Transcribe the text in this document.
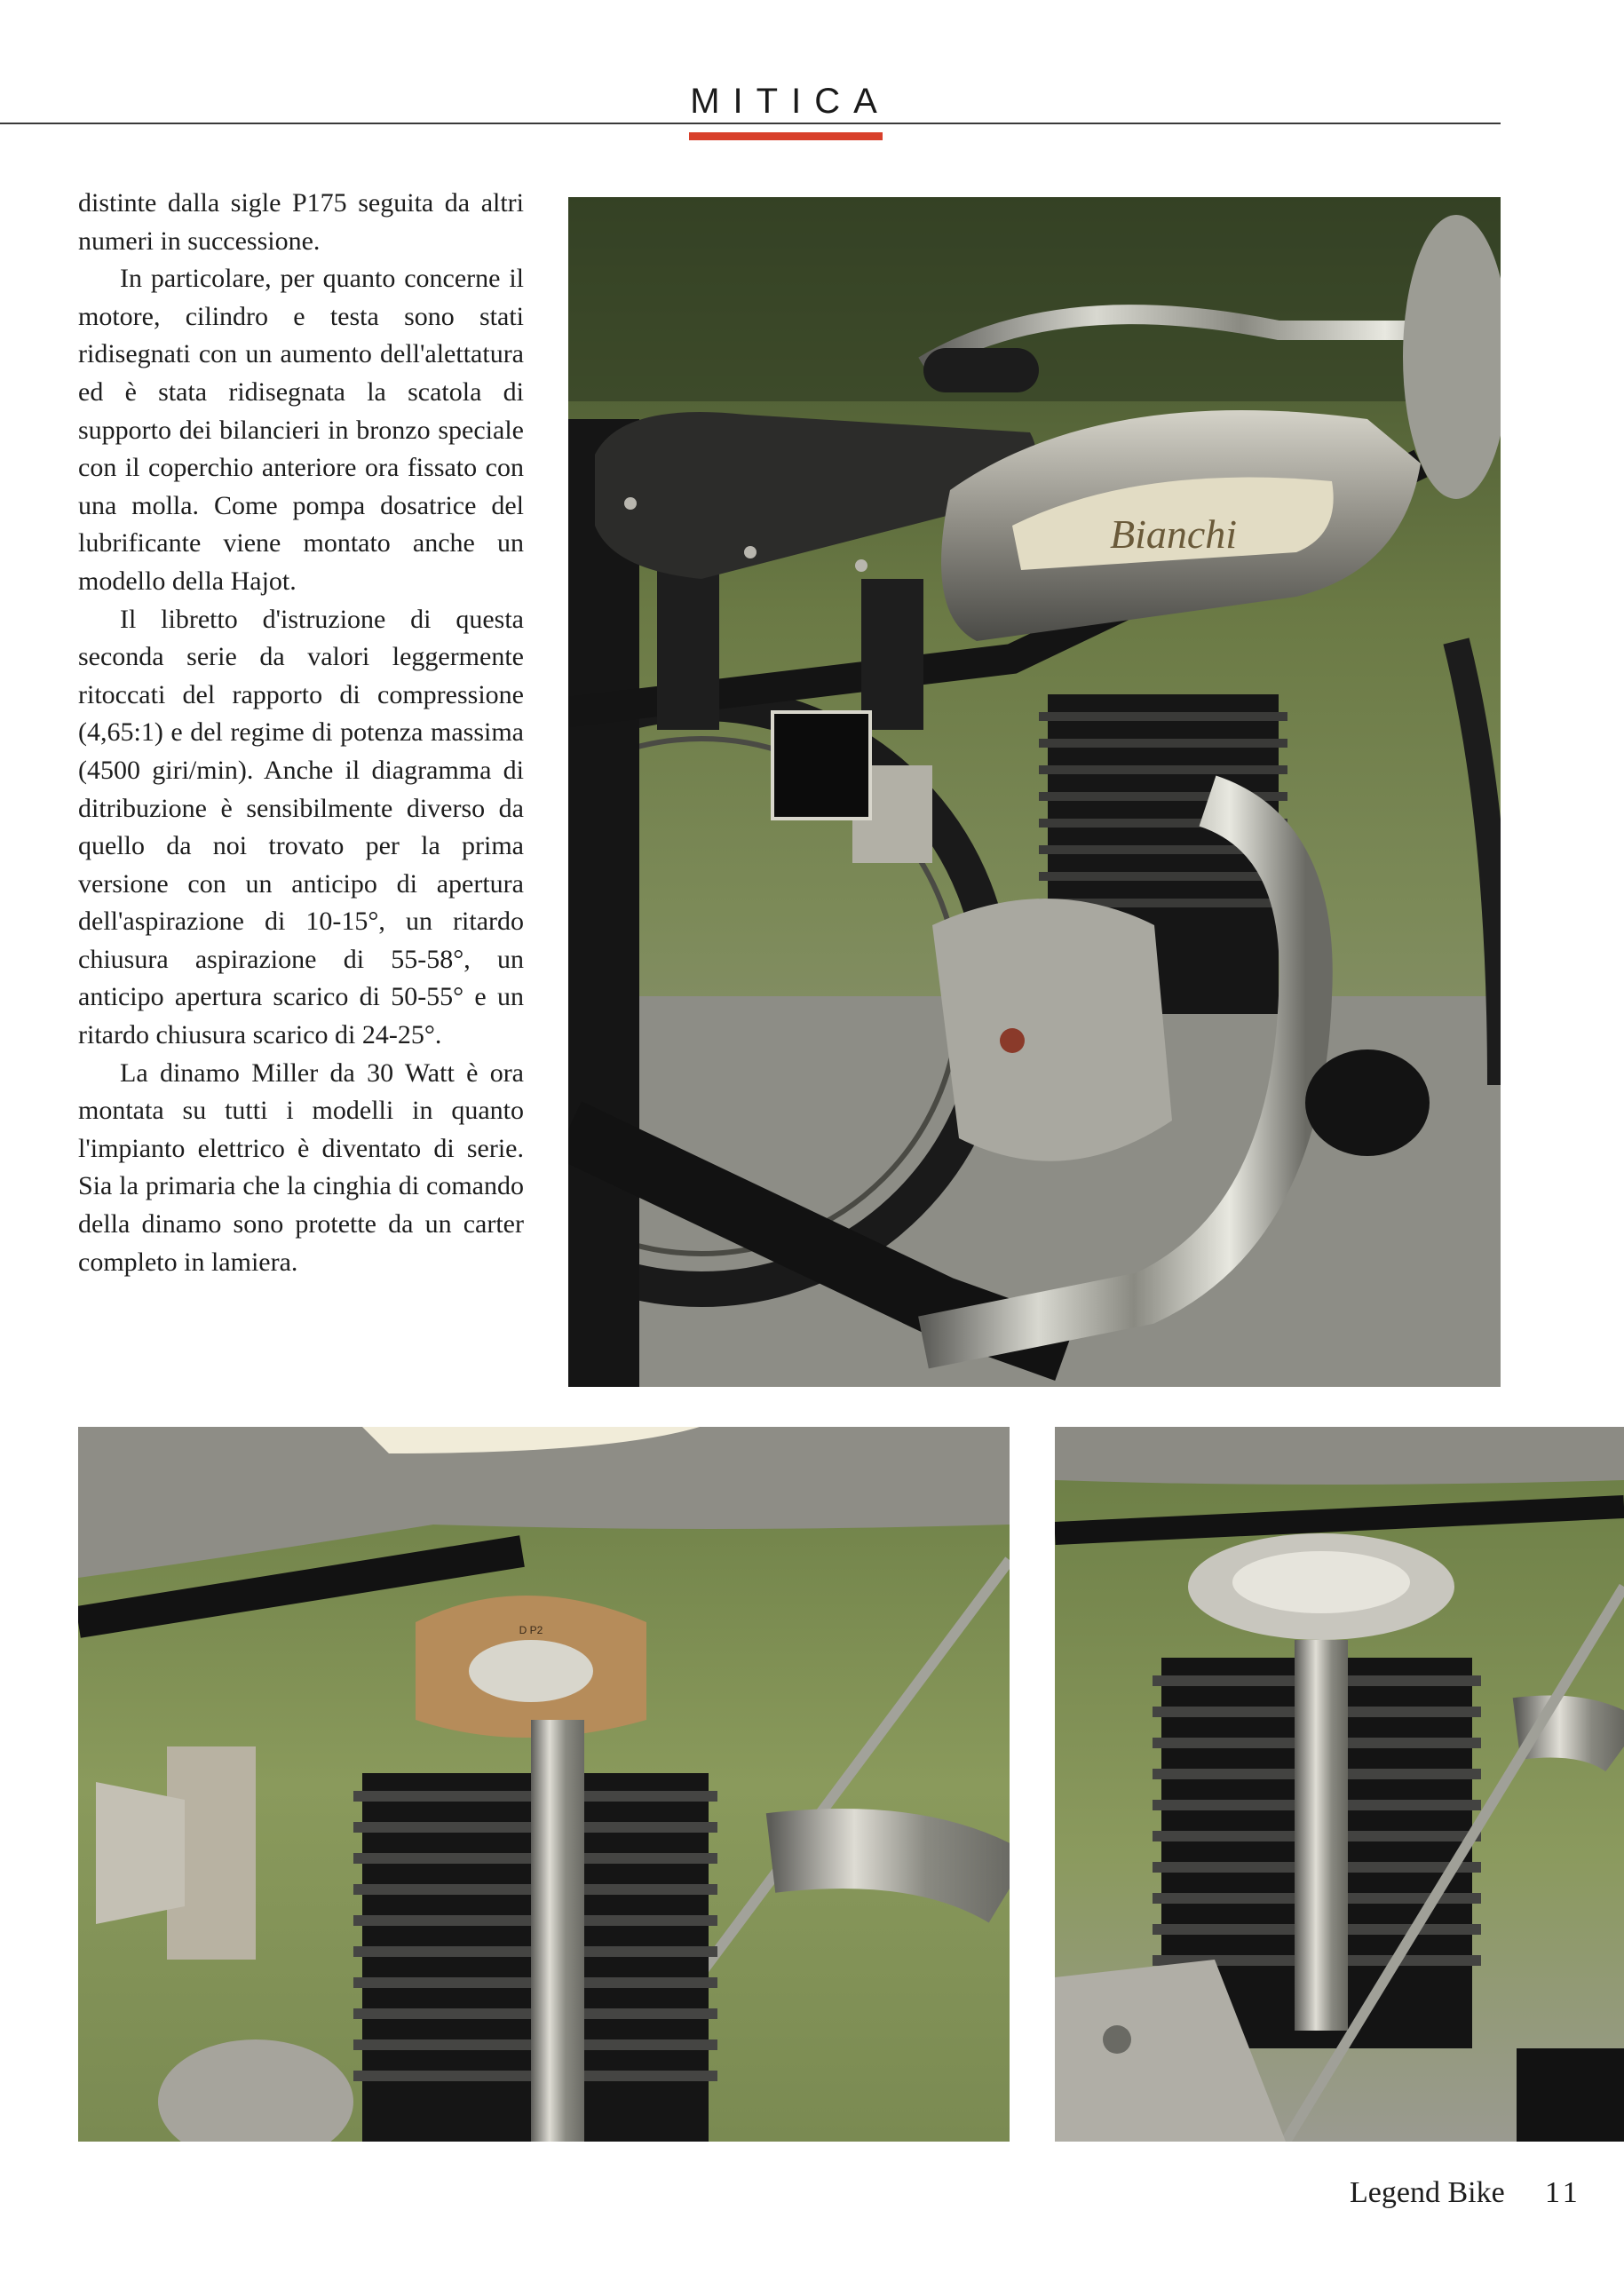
MITICA

distinte dalla sigle P175 seguita da altri numeri in successione.

In particolare, per quanto concerne il motore, cilindro e testa sono stati ridisegnati con un aumento dell'alettatura ed è stata ridisegnata la scatola di supporto dei bilancieri in bronzo speciale con il coperchio anteriore ora fissato con una molla. Come pompa dosatrice del lubrificante viene montato anche un modello della Hajot.

Il libretto d'istruzione di questa seconda serie da valori leggermente ritoccati del rapporto di compressione (4,65:1) e del regime di potenza massima (4500 giri/min). Anche il diagramma di ditribuzione è sensibilmente diverso da quello da noi trovato per la prima versione con un anticipo di apertura dell'aspirazione di 10-15°, un ritardo chiusura aspirazione di 55-58°, un anticipo apertura scarico di 50-55° e un ritardo chiusura scarico di 24-25°.

La dinamo Miller da 30 Watt è ora montata su tutti i modelli in quanto l'impianto elettrico è diventato di serie. Sia la primaria che la cinghia di comando della dinamo sono protette da un carter completo in lamiera.

Bianchi
D P2
Legend Bike 11
